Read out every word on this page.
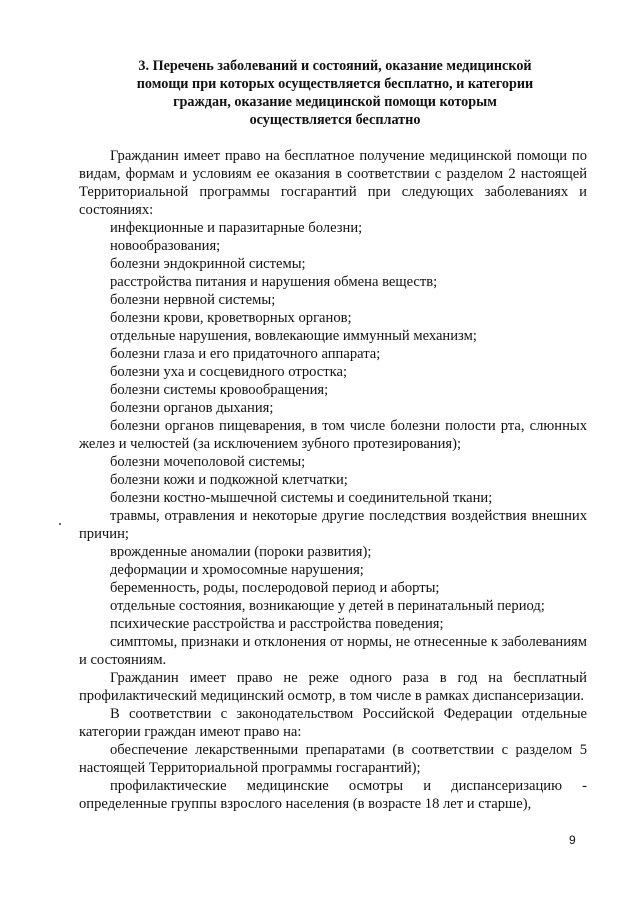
3. Перечень заболеваний и состояний, оказание медицинской
помощи при которых осуществляется бесплатно, и категории
граждан, оказание медицинской помощи которым
осуществляется бесплатно

Гражданин имеет право на бесплатное получение медицинской помощи по видам, формам и условиям ее оказания в соответствии с разделом 2 настоящей Территориальной программы госгарантий при следующих заболеваниях и состояниях:

инфекционные и паразитарные болезни;

новообразования;

болезни эндокринной системы;

расстройства питания и нарушения обмена веществ;

болезни нервной системы;

болезни крови, кроветворных органов;

отдельные нарушения, вовлекающие иммунный механизм;

болезни глаза и его придаточного аппарата;

болезни уха и сосцевидного отростка;

болезни системы кровообращения;

болезни органов дыхания;

болезни органов пищеварения, в том числе болезни полости рта, слюнных желез и челюстей (за исключением зубного протезирования);

болезни мочеполовой системы;

болезни кожи и подкожной клетчатки;

болезни костно-мышечной системы и соединительной ткани;

травмы, отравления и некоторые другие последствия воздействия внешних причин;

врожденные аномалии (пороки развития);

деформации и хромосомные нарушения;

беременность, роды, послеродовой период и аборты;

отдельные состояния, возникающие у детей в перинатальный период;

психические расстройства и расстройства поведения;

симптомы, признаки и отклонения от нормы, не отнесенные к заболеваниям и состояниям.

Гражданин имеет право не реже одного раза в год на бесплатный профилактический медицинский осмотр, в том числе в рамках диспансеризации.

В соответствии с законодательством Российской Федерации отдельные категории граждан имеют право на:

обеспечение лекарственными препаратами (в соответствии с разделом 5 настоящей Территориальной программы госгарантий);

профилактические медицинские осмотры и диспансеризацию - определенные группы взрослого населения (в возрасте 18 лет и старше),

9
